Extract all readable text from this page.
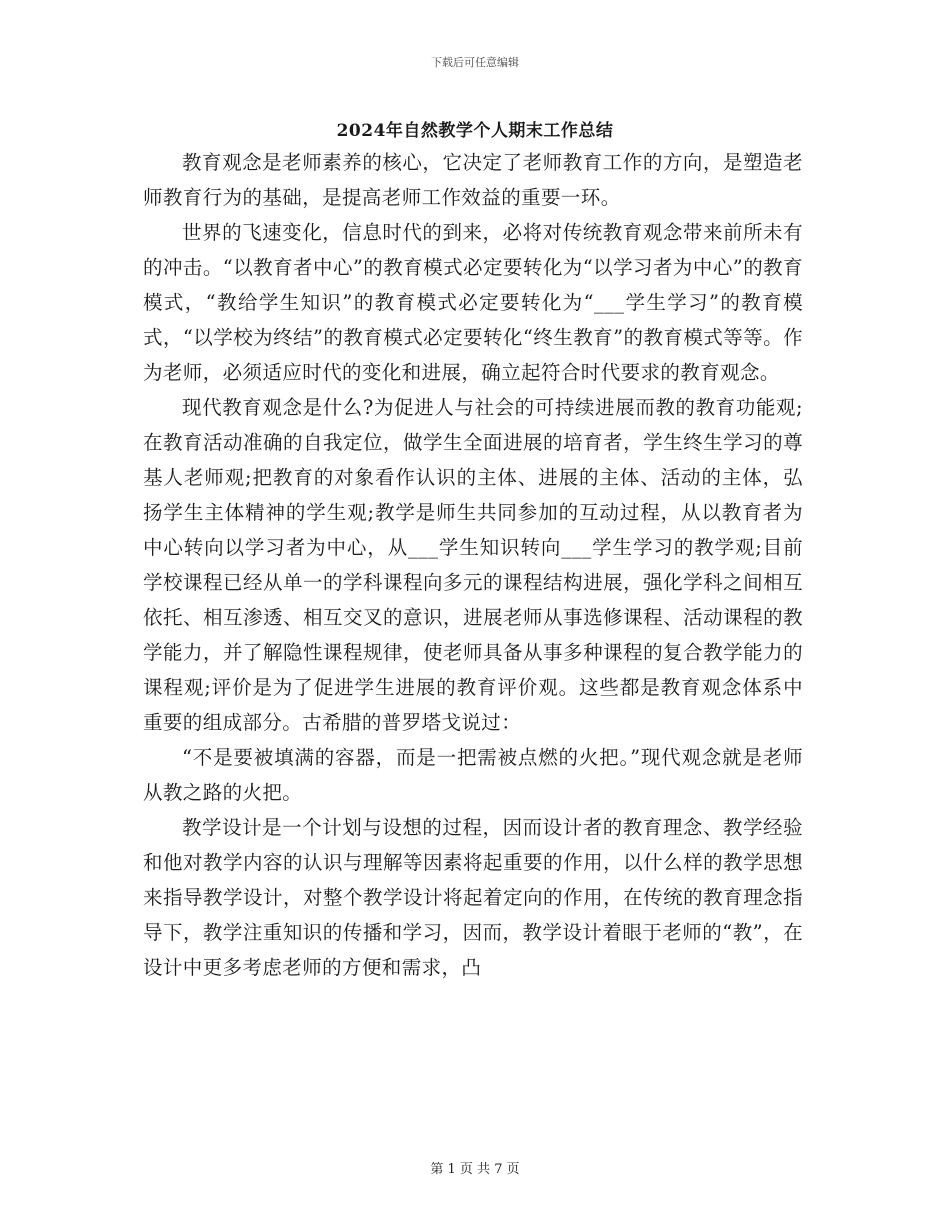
下载后可任意编辑
2024年自然教学个人期末工作总结

教育观念是老师素养的核心，它决定了老师教育工作的方向，是塑造老师教育行为的基础，是提高老师工作效益的重要一环。

世界的飞速变化，信息时代的到来，必将对传统教育观念带来前所未有的冲击。“以教育者中心”的教育模式必定要转化为“以学习者为中心”的教育模式，“教给学生知识”的教育模式必定要转化为“___学生学习”的教育模式，“以学校为终结”的教育模式必定要转化“终生教育”的教育模式等等。作为老师，必须适应时代的变化和进展，确立起符合时代要求的教育观念。

现代教育观念是什么?为促进人与社会的可持续进展而教的教育功能观;在教育活动准确的自我定位，做学生全面进展的培育者，学生终生学习的尊基人老师观;把教育的对象看作认识的主体、进展的主体、活动的主体，弘扬学生主体精神的学生观;教学是师生共同参加的互动过程，从以教育者为中心转向以学习者为中心，从___学生知识转向___学生学习的教学观;目前学校课程已经从单一的学科课程向多元的课程结构进展，强化学科之间相互依托、相互渗透、相互交叉的意识，进展老师从事选修课程、活动课程的教学能力，并了解隐性课程规律，使老师具备从事多种课程的复合教学能力的课程观;评价是为了促进学生进展的教育评价观。这些都是教育观念体系中重要的组成部分。古希腊的普罗塔戈说过：

“不是要被填满的容器，而是一把需被点燃的火把。”现代观念就是老师从教之路的火把。

教学设计是一个计划与设想的过程，因而设计者的教育理念、教学经验和他对教学内容的认识与理解等因素将起重要的作用，以什么样的教学思想来指导教学设计，对整个教学设计将起着定向的作用，在传统的教育理念指导下，教学注重知识的传播和学习，因而，教学设计着眼于老师的“教”，在设计中更多考虑老师的方便和需求，凸

第 1 页 共 7 页
